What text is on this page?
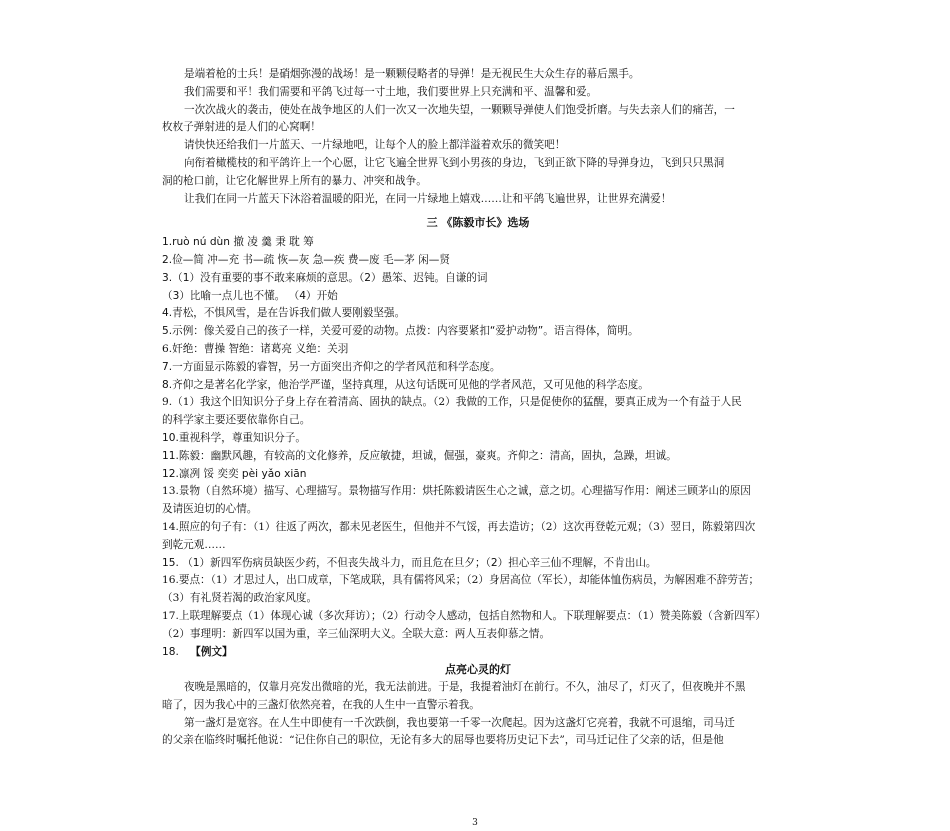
是端着枪的士兵！是硝烟弥漫的战场！是一颗颗侵略者的导弹！是无视民生大众生存的幕后黑手。
我们需要和平！我们需要和平鸽飞过每一寸土地，我们要世界上只充满和平、温馨和爱。
一次次战火的袭击，使处在战争地区的人们一次又一次地失望，一颗颗导弹使人们饱受折磨。与失去亲人们的痛苦，一
枚枚子弹射进的是人们的心窝啊！
请快快还给我们一片蓝天、一片绿地吧，让每个人的脸上都洋溢着欢乐的微笑吧！
向衔着橄榄枝的和平鸽许上一个心愿，让它飞遍全世界飞到小男孩的身边，飞到正欲下降的导弹身边，飞到只只黑洞
洞的枪口前，让它化解世界上所有的暴力、冲突和战争。
让我们在同一片蓝天下沐浴着温暖的阳光，在同一片绿地上嬉戏……让和平鸽飞遍世界，让世界充满爱！
三 《陈毅市长》选场
1.ruò nú dùn 撤 凌 羹 秉 耽 筹
2.俭—简 冲—充 书—疏 恢—灰 急—疾 费—废 毛—茅 闲—贤
3.（1）没有重要的事不敢来麻烦的意思。（2）愚笨、迟钝。自谦的词
（3）比喻一点儿也不懂。 （4）开始
4.青松，不惧风雪，是在告诉我们做人要刚毅坚强。
5.示例：像关爱自己的孩子一样，关爱可爱的动物。点拨：内容要紧扣“爱护动物”。语言得体，简明。
6.奸绝：曹操 智绝：诸葛亮 义绝：关羽
7.一方面显示陈毅的睿智，另一方面突出齐仰之的学者风范和科学态度。
8.齐仰之是著名化学家，他治学严谨，坚持真理，从这句话既可见他的学者风范，又可见他的科学态度。
9.（1）我这个旧知识分子身上存在着清高、固执的缺点。（2）我做的工作，只是促使你的猛醒，要真正成为一个有益于人民
的科学家主要还要依靠你自己。
10.重视科学，尊重知识分子。
11.陈毅：幽默风趣，有较高的文化修养，反应敏捷，坦诚，倔强，豪爽。齐仰之：清高，固执，急躁，坦诚。
12.凛冽 馁 奕奕 pèi yǎo xiān
13.景物（自然环境）描写、心理描写。景物描写作用：烘托陈毅请医生心之诚，意之切。心理描写作用：阐述三顾茅山的原因
及请医迫切的心情。
14.照应的句子有：（1）往返了两次，都未见老医生，但他并不气馁，再去造访；（2）这次再登乾元观；（3）翌日，陈毅第四次
到乾元观……
15. （1）新四军伤病员缺医少药，不但丧失战斗力，而且危在旦夕；（2）担心辛三仙不理解，不肯出山。
16.要点：（1）才思过人，出口成章，下笔成联，具有儒将风采；（2）身居高位（军长），却能体恤伤病员，为解困难不辞劳苦；
（3）有礼贤若渴的政治家风度。
17.上联理解要点（1）体现心诚（多次拜访）；（2）行动令人感动，包括自然物和人。下联理解要点：（1）赞美陈毅（含新四军）
（2）事理明：新四军以国为重，辛三仙深明大义。全联大意：两人互表仰慕之情。
18. 【例文】
点亮心灵的灯
夜晚是黑暗的，仅靠月亮发出微暗的光，我无法前进。于是，我提着油灯在前行。不久，油尽了，灯灭了，但夜晚并不黑
暗了，因为我心中的三盏灯依然亮着，在我的人生中一直警示着我。
第一盏灯是宽容。在人生中即使有一千次跌倒，我也要第一千零一次爬起。因为这盏灯它亮着，我就不可退缩，司马迁
的父亲在临终时嘱托他说：“记住你自己的职位，无论有多大的屈辱也要将历史记下去”，司马迁记住了父亲的话，但是他
3
